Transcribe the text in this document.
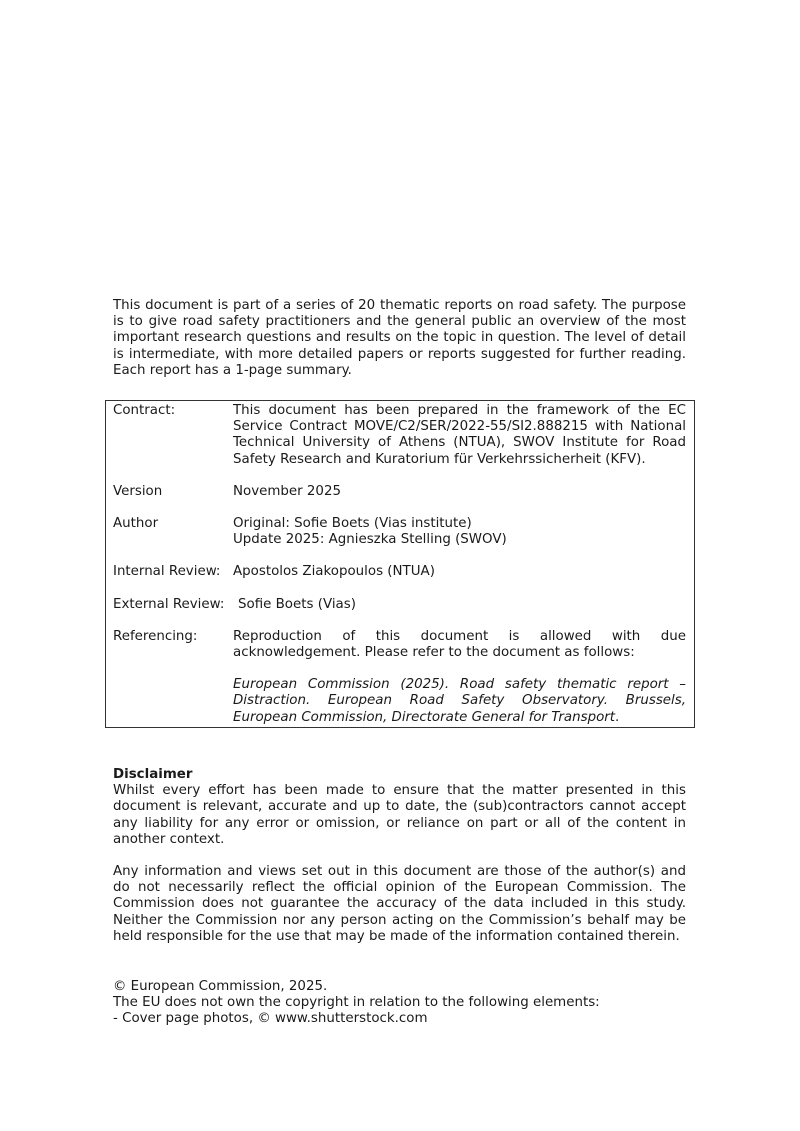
This document is part of a series of 20 thematic reports on road safety. The purpose is to give road safety practitioners and the general public an overview of the most important research questions and results on the topic in question. The level of detail is intermediate, with more detailed papers or reports suggested for further reading. Each report has a 1-page summary.

Contract:	This document has been prepared in the framework of the EC Service Contract MOVE/C2/SER/2022-55/SI2.888215 with National Technical University of Athens (NTUA), SWOV Institute for Road Safety Research and Kuratorium für Verkehrssicherheit (KFV).
Version	November 2025
Author	Original: Sofie Boets (Vias institute)
Update 2025: Agnieszka Stelling (SWOV)

Internal Review:	Apostolos Ziakopoulos (NTUA)
External Review:	Sofie Boets (Vias)
Referencing:	Reproduction of this document is allowed with due acknowledgement. Please refer to the document as follows:
European Commission (2025). Road safety thematic report – Distraction. European Road Safety Observatory. Brussels, European Commission, Directorate General for Transport.
Disclaimer

Whilst every effort has been made to ensure that the matter presented in this document is relevant, accurate and up to date, the (sub)contractors cannot accept any liability for any error or omission, or reliance on part or all of the content in another context.

Any information and views set out in this document are those of the author(s) and do not necessarily reflect the official opinion of the European Commission. The Commission does not guarantee the accuracy of the data included in this study. Neither the Commission nor any person acting on the Commission’s behalf may be held responsible for the use that may be made of the information contained therein.

© European Commission, 2025.
The EU does not own the copyright in relation to the following elements:
- Cover page photos, © www.shutterstock.com
